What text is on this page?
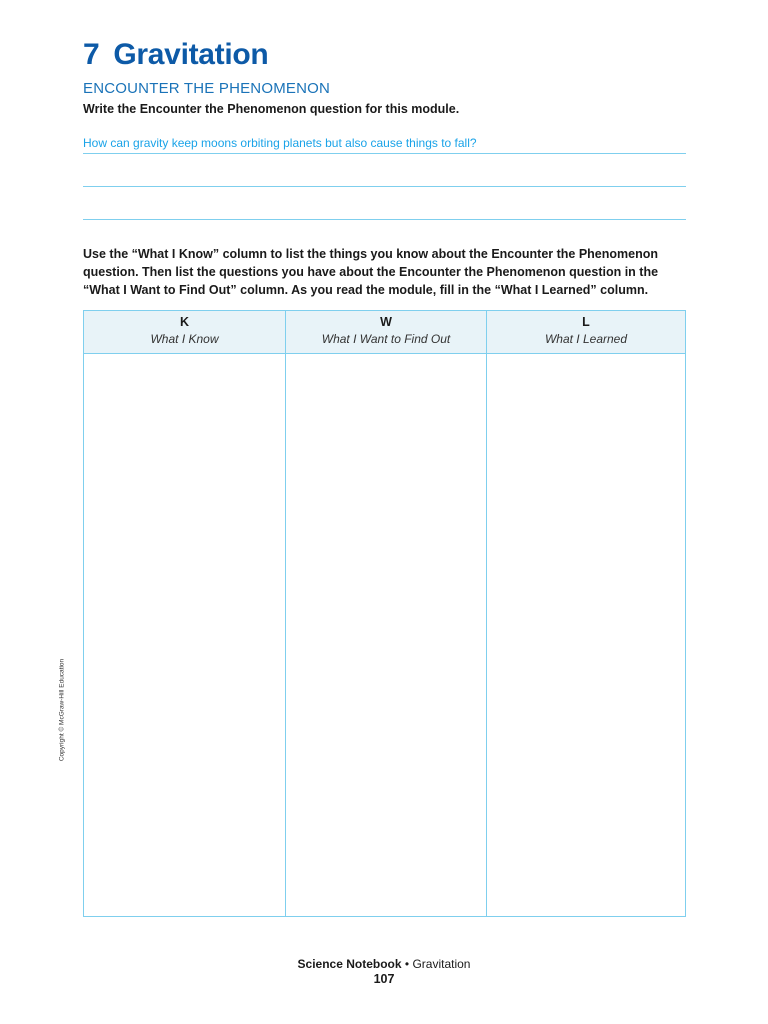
7 Gravitation
ENCOUNTER THE PHENOMENON
Write the Encounter the Phenomenon question for this module.
How can gravity keep moons orbiting planets but also cause things to fall?

Use the “What I Know” column to list the things you know about the Encounter the Phenomenon question. Then list the questions you have about the Encounter the Phenomenon question in the “What I Want to Find Out” column. As you read the module, fill in the “What I Learned” column.

K
What I Know
W
What I Want to Find Out
L
What I Learned
Copyright © McGraw-Hill Education
Science Notebook • Gravitation
107
